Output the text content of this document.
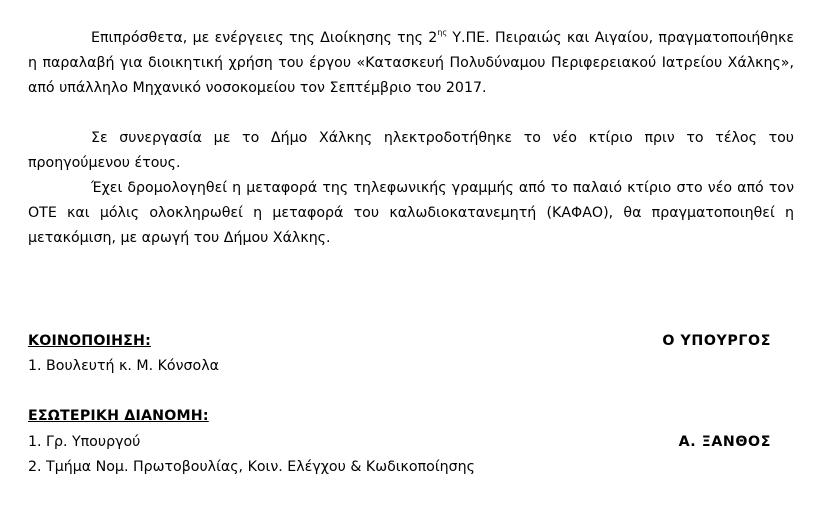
Επιπρόσθετα, με ενέργειες της Διοίκησης της $2^{\eta\varsigma}$ Υ.ΠΕ. Πειραιώς και Αιγαίου, πραγματοποιήθηκε η παραλαβή για διοικητική χρήση του έργου «Κατασκευή Πολυδύναμου Περιφερειακού Ιατρείου Χάλκης», από υπάλληλο Μηχανικό νοσοκομείου τον Σεπτέμβριο του 2017.

Σε συνεργασία με το Δήμο Χάλκης ηλεκτροδοτήθηκε το νέο κτίριο πριν το τέλος του προηγούμενου έτους.

Έχει δρομολογηθεί η μεταφορά της τηλεφωνικής γραμμής από το παλαιό κτίριο στο νέο από τον ΟΤΕ και μόλις ολοκληρωθεί η μεταφορά του καλωδιοκατανεμητή (ΚΑΦΑΟ), θα πραγματοποιηθεί η μετακόμιση, με αρωγή του Δήμου Χάλκης.

ΚΟΙΝΟΠΟΙΗΣΗ:
1. Βουλευτή κ. Μ. Κόνσολα
ΕΣΩΤΕΡΙΚΗ ΔΙΑΝΟΜΗ:
1. Γρ. Υπουργού
2. Τμήμα Νομ. Πρωτοβουλίας, Κοιν. Ελέγχου & Κωδικοποίησης
Ο ΥΠΟΥΡΓΟΣ
Α. ΞΑΝΘΟΣ
